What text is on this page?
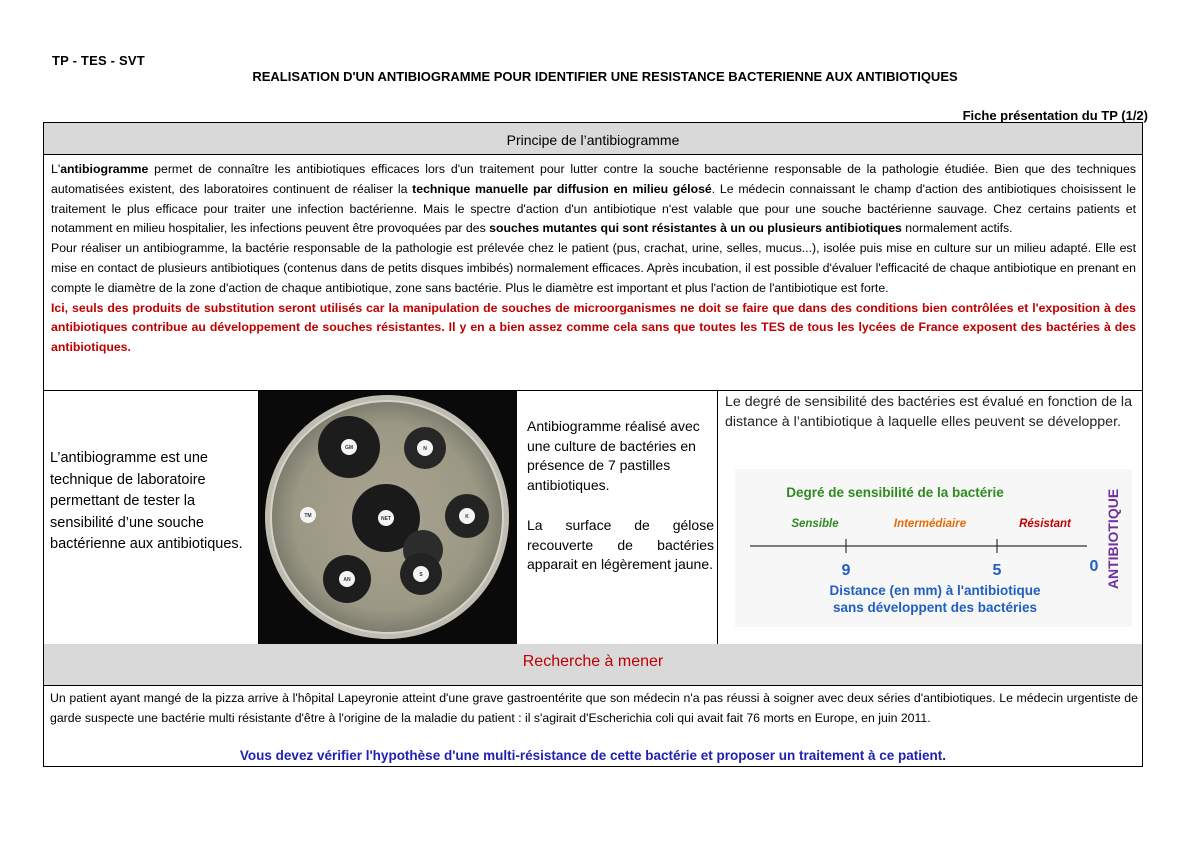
TP - TES - SVT
REALISATION D'UN ANTIBIOGRAMME POUR IDENTIFIER UNE RESISTANCE BACTERIENNE AUX ANTIBIOTIQUES
Fiche présentation du TP (1/2)
Principe de l’antibiogramme

L'antibiogramme permet de connaître les antibiotiques efficaces lors d'un traitement pour lutter contre la souche bactérienne responsable de la pathologie étudiée. Bien que des techniques automatisées existent, des laboratoires continuent de réaliser la technique manuelle par diffusion en milieu gélosé. Le médecin connaissant le champ d'action des antibiotiques choisissent le traitement le plus efficace pour traiter une infection bactérienne. Mais le spectre d'action d'un antibiotique n'est valable que pour une souche bactérienne sauvage. Chez certains patients et notamment en milieu hospitalier, les infections peuvent être provoquées par des souches mutantes qui sont résistantes à un ou plusieurs antibiotiques normalement actifs.

Pour réaliser un antibiogramme, la bactérie responsable de la pathologie est prélevée chez le patient (pus, crachat, urine, selles, mucus...), isolée puis mise en culture sur un milieu adapté. Elle est mise en contact de plusieurs antibiotiques (contenus dans de petits disques imbibés) normalement efficaces. Après incubation, il est possible d'évaluer l'efficacité de chaque antibiotique en prenant en compte le diamètre de la zone d'action de chaque antibiotique, zone sans bactérie. Plus le diamètre est important et plus l'action de l'antibiotique est forte.

Ici, seuls des produits de substitution seront utilisés car la manipulation de souches de microorganismes ne doit se faire que dans des conditions bien contrôlées et l'exposition à des antibiotiques contribue au développement de souches résistantes. Il y en a bien assez comme cela sans que toutes les TES de tous les lycées de France exposent des bactéries à des antibiotiques.

L’antibiogramme est une technique de laboratoire permettant de tester la sensibilité d’une souche bactérienne aux antibiotiques.
GM	N
TM	NET	K
AN
S
Antibiogramme réalisé avec une culture de bactéries en présence de 7 pastilles antibiotiques.
La surface de gélose recouverte de bactéries apparait en légèrement jaune.
Le degré de sensibilité des bactéries est évalué en fonction de la distance à l’antibiotique à laquelle elles peuvent se développer.
Degré de sensibilité de la bactérie
Sensible	Intermédiaire	Résistant
9	5	0 ANTIBIOTIQUE
Distance (en mm) à l'antibiotique
sans développent des bactéries
Recherche à mener
Un patient ayant mangé de la pizza arrive à l'hôpital Lapeyronie atteint d'une grave gastroentérite que son médecin n'a pas réussi à soigner avec deux séries d'antibiotiques. Le médecin urgentiste de garde suspecte une bactérie multi résistante d'être à l'origine de la maladie du patient : il s'agirait d'Escherichia coli qui avait fait 76 morts en Europe, en juin 2011.
Vous devez vérifier l'hypothèse d'une multi-résistance de cette bactérie et proposer un traitement à ce patient.
